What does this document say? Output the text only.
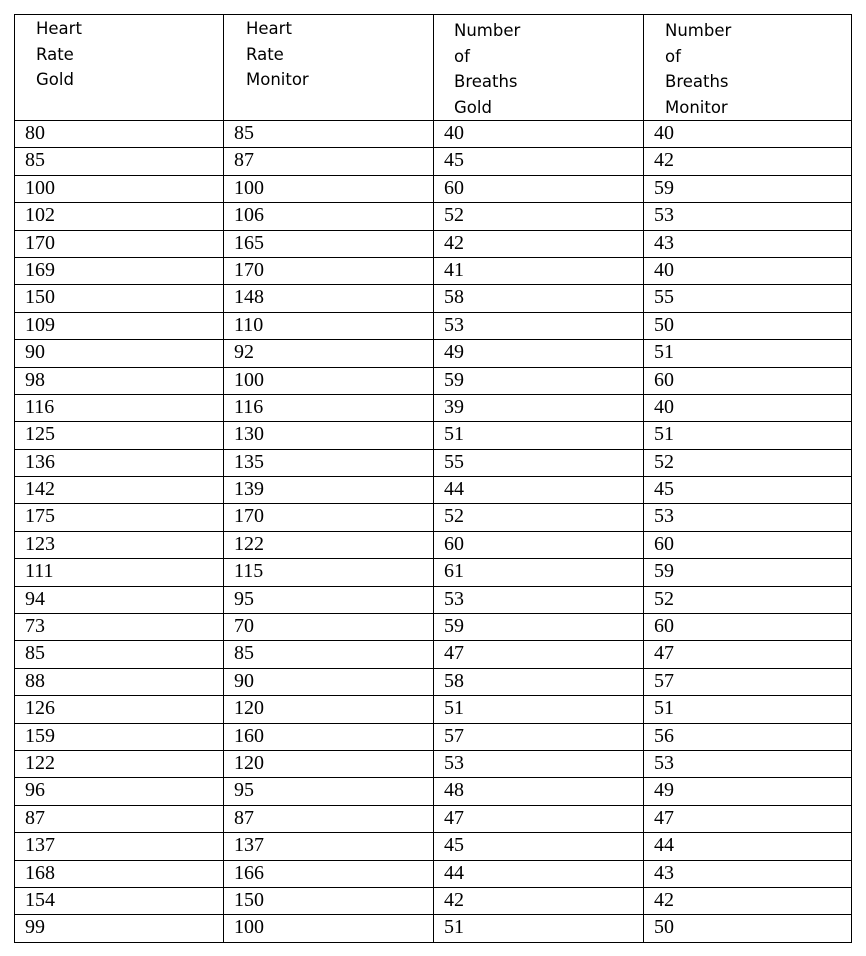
Heart
Rate
Gold	Heart
Rate
Monitor	Number
of
Breaths
Gold	Number
of
Breaths
Monitor

80	85	40	40
85	87	45	42
100	100	60	59
102	106	52	53
170	165	42	43
169	170	41	40
150	148	58	55
109	110	53	50
90	92	49	51
98	100	59	60
116	116	39	40
125	130	51	51
136	135	55	52
142	139	44	45
175	170	52	53
123	122	60	60
111	115	61	59
94	95	53	52
73	70	59	60
85	85	47	47
88	90	58	57
126	120	51	51
159	160	57	56
122	120	53	53
96	95	48	49
87	87	47	47
137	137	45	44
168	166	44	43
154	150	42	42
99	100	51	50
